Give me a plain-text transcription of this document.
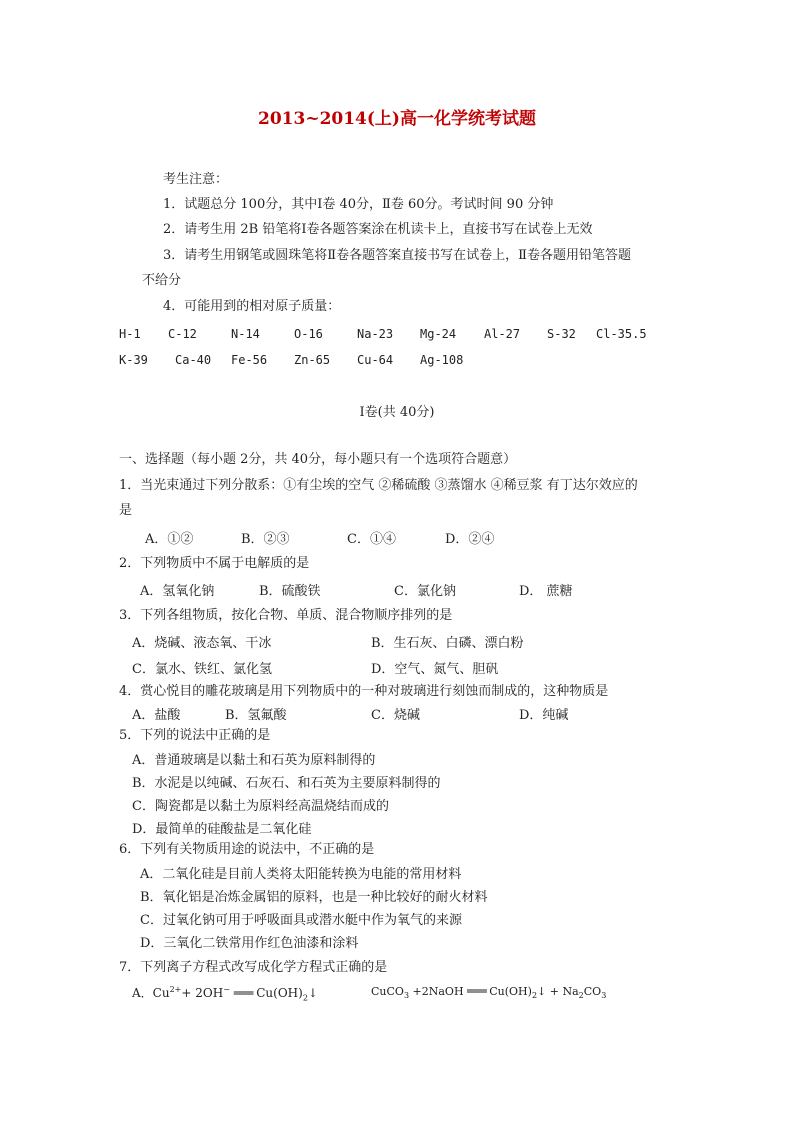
2013~2014(上)高一化学统考试题
考生注意：
1．试题总分 100分，其中Ⅰ卷 40分，Ⅱ卷 60分。考试时间 90 分钟
2．请考生用 2B 铅笔将Ⅰ卷各题答案涂在机读卡上，直接书写在试卷上无效
3．请考生用钢笔或圆珠笔将Ⅱ卷各题答案直接书写在试卷上，Ⅱ卷各题用铅笔答题
不给分
4．可能用到的相对原子质量：
H-1 C-12	N-14	O-16	Na-23 Mg-24 Al-27 S-32 Cl-35.5
K-39 Ca-40 Fe-56 Zn-65 Cu-64 Ag-108
Ⅰ卷(共 40分)
一、选择题（每小题 2分，共 40分，每小题只有一个选项符合题意）
1．当光束通过下列分散系：①有尘埃的空气 ②稀硫酸 ③蒸馏水 ④稀豆浆 有丁达尔效应的
是
A．①②	B．②③	C．①④	D．②④
2．下列物质中不属于电解质的是
A．氢氧化钠	B．硫酸铁	C．氯化钠	D． 蔗糖
3．下列各组物质，按化合物、单质、混合物顺序排列的是
A．烧碱、液态氧、干冰	B．生石灰、白磷、漂白粉
C．氯水、铁红、氯化氢	D．空气、氮气、胆矾
4．赏心悦目的雕花玻璃是用下列物质中的一种对玻璃进行刻蚀而制成的，这种物质是
A．盐酸	B．氢氟酸	C．烧碱	D．纯碱
5．下列的说法中正确的是
A．普通玻璃是以黏土和石英为原料制得的
B．水泥是以纯碱、石灰石、和石英为主要原料制得的
C．陶瓷都是以黏土为原料经高温烧结而成的
D．最简单的硅酸盐是二氧化硅
6．下列有关物质用途的说法中，不正确的是
A．二氧化硅是目前人类将太阳能转换为电能的常用材料
B．氧化铝是冶炼金属铝的原料，也是一种比较好的耐火材料
C．过氧化钠可用于呼吸面具或潜水艇中作为氧气的来源
D．三氧化二铁常用作红色油漆和涂料
7．下列离子方程式改写成化学方程式正确的是
A．$Cu^{2+}+ 2OH^-$ ═══ $Cu(OH)_2↓$	CuCO$_3$ +2NaOH ═══ $Cu(OH)_2↓ + Na_2CO_3$
